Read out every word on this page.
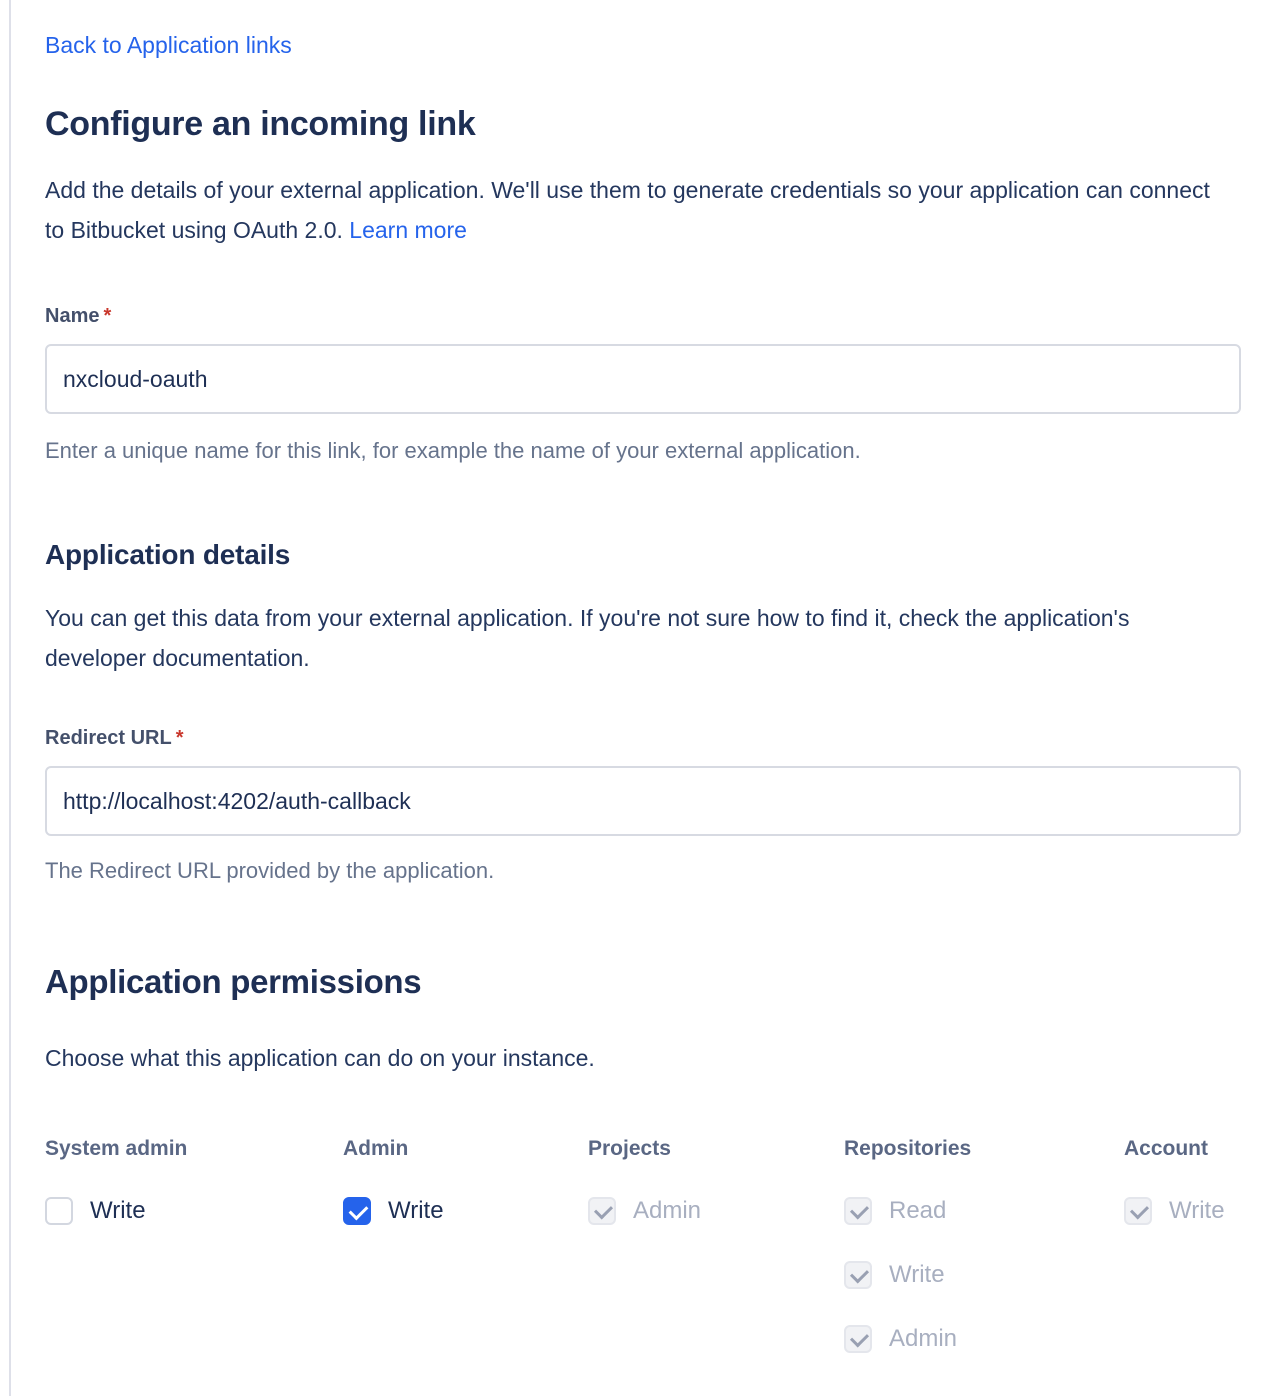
Back to Application links
Configure an incoming link

Add the details of your external application. We'll use them to generate credentials so your application can connect to Bitbucket using OAuth 2.0. Learn more

Name *
nxcloud-oauth
Enter a unique name for this link, for example the name of your external application.
Application details

You can get this data from your external application. If you're not sure how to find it, check the application's developer documentation.

Redirect URL *
http://localhost:4202/auth-callback
The Redirect URL provided by the application.
Application permissions

Choose what this application can do on your instance.

System admin
Write
Admin
Write
Projects
Admin
Repositories
Read
Write
Admin
Account
Write
